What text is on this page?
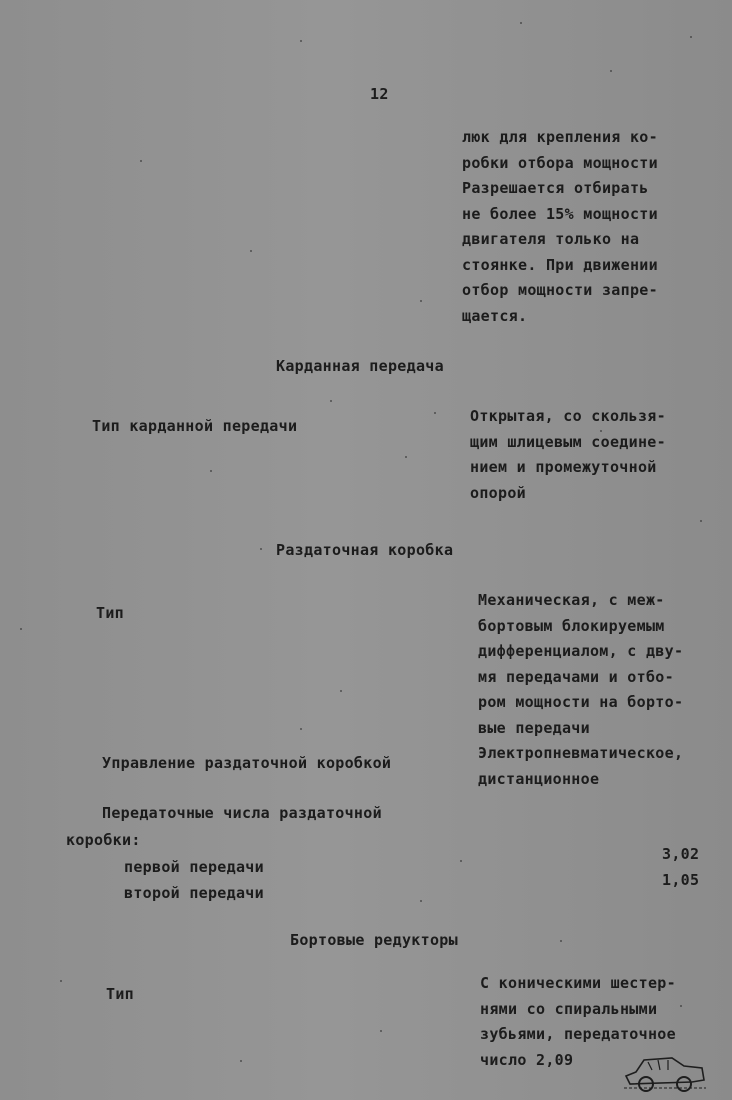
12
люк для крепления ко-
робки отбора мощности
Разрешается отбирать
не более 15% мощности
двигателя только на
стоянке. При движении
отбор мощности запре-
щается.
Карданная передача
Тип карданной передачи
Открытая, со скользя-
щим шлицевым соедине-
нием и промежуточной
опорой
Раздаточная коробка
Тип
Механическая, с меж-
бортовым блокируемым
дифференциалом, с дву-
мя передачами и отбо-
ром мощности на борто-
вые передачи
Управление раздаточной коробкой
Электропневматическое,
дистанционное
Передаточные числа раздаточной
коробки:
первой передачи
3,02
второй передачи
1,05
Бортовые редукторы
Тип
С коническими шестер-
нями со спиральными
зубьями, передаточное
число 2,09
